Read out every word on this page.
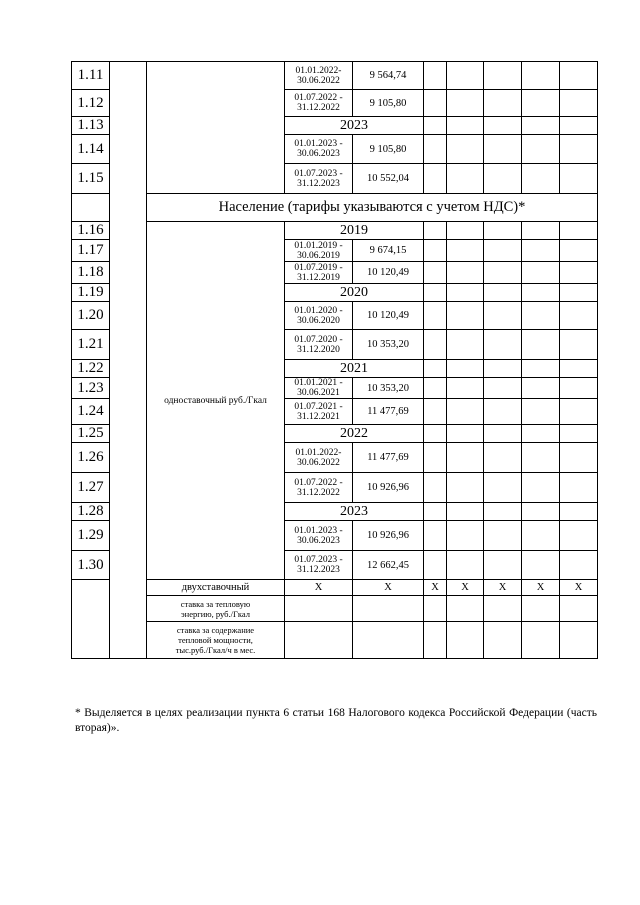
1.11			01.01.2022-
30.06.2022	9 564,74					
1.12			01.07.2022 -
31.12.2022	9 105,80					
1.13			2023						
1.14			01.01.2023 -
30.06.2023	9 105,80					
1.15			01.07.2023 -
31.12.2023	10 552,04					
		Население (тарифы указываются с учетом НДС)*							
1.16		одноставочный руб./Гкал	2019						
1.17			01.01.2019 -
30.06.2019	9 674,15					
1.18			01.07.2019 -
31.12.2019	10 120,49					
1.19			2020						
1.20			01.01.2020 -
30.06.2020	10 120,49					
1.21			01.07.2020 -
31.12.2020	10 353,20					
1.22			2021						
1.23			01.01.2021 -
30.06.2021	10 353,20					
1.24			01.07.2021 -
31.12.2021	11 477,69					
1.25			2022						
1.26			01.01.2022-
30.06.2022	11 477,69					
1.27			01.07.2022 -
31.12.2022	10 926,96					
1.28			2023						
1.29			01.01.2023 -
30.06.2023	10 926,96					
1.30			01.07.2023 -
31.12.2023	12 662,45					
		двухставочный	X	X	X	X	X	X	X
		ставка за тепловую
энергию, руб./Гкал							
		ставка за содержание
тепловой мощности,
тыс.руб./Гкал/ч в мес.							

* Выделяется в целях реализации пункта 6 статьи 168 Налогового кодекса Российской Федерации (часть вторая)».
